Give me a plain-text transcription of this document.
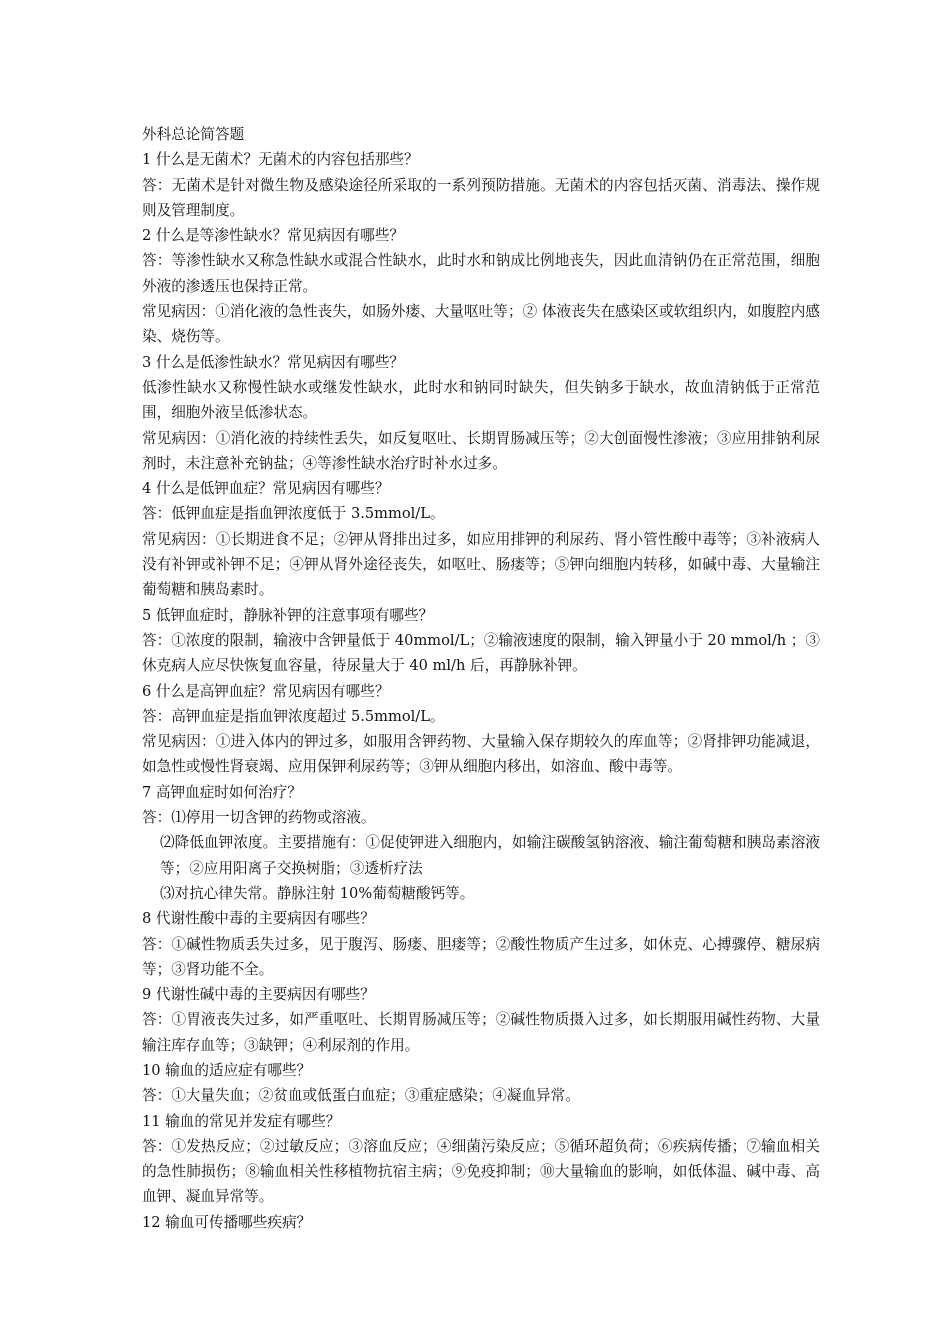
外科总论简答题

1 什么是无菌术？无菌术的内容包括那些？

答：无菌术是针对微生物及感染途径所采取的一系列预防措施。无菌术的内容包括灭菌、消毒法、操作规则及管理制度。

2 什么是等渗性缺水？常见病因有哪些？

答：等渗性缺水又称急性缺水或混合性缺水，此时水和钠成比例地丧失，因此血清钠仍在正常范围，细胞外液的渗透压也保持正常。

常见病因：①消化液的急性丧失，如肠外瘘、大量呕吐等；② 体液丧失在感染区或软组织内，如腹腔内感染、烧伤等。

3 什么是低渗性缺水？常见病因有哪些？

低渗性缺水又称慢性缺水或继发性缺水，此时水和钠同时缺失，但失钠多于缺水，故血清钠低于正常范围，细胞外液呈低渗状态。

常见病因：①消化液的持续性丢失，如反复呕吐、长期胃肠减压等；②大创面慢性渗液；③应用排钠利尿剂时，未注意补充钠盐；④等渗性缺水治疗时补水过多。

4 什么是低钾血症？常见病因有哪些？

答：低钾血症是指血钾浓度低于 3.5mmol/L。

常见病因：①长期进食不足；②钾从肾排出过多，如应用排钾的利尿药、肾小管性酸中毒等；③补液病人没有补钾或补钾不足；④钾从肾外途径丧失，如呕吐、肠瘘等；⑤钾向细胞内转移，如碱中毒、大量输注葡萄糖和胰岛素时。

5 低钾血症时，静脉补钾的注意事项有哪些？

答：①浓度的限制，输液中含钾量低于 40mmol/L；②输液速度的限制，输入钾量小于 20 mmol/h ；③休克病人应尽快恢复血容量，待尿量大于 40 ml/h 后，再静脉补钾。

6 什么是高钾血症？常见病因有哪些？

答：高钾血症是指血钾浓度超过 5.5mmol/L。

常见病因：①进入体内的钾过多，如服用含钾药物、大量输入保存期较久的库血等；②肾排钾功能减退，如急性或慢性肾衰竭、应用保钾利尿药等；③钾从细胞内移出，如溶血、酸中毒等。

7 高钾血症时如何治疗？

答：⑴停用一切含钾的药物或溶液。

⑵降低血钾浓度。主要措施有：①促使钾进入细胞内，如输注碳酸氢钠溶液、输注葡萄糖和胰岛素溶液等；②应用阳离子交换树脂；③透析疗法

⑶对抗心律失常。静脉注射 10%葡萄糖酸钙等。

8 代谢性酸中毒的主要病因有哪些？

答：①碱性物质丢失过多，见于腹泻、肠瘘、胆瘘等；②酸性物质产生过多，如休克、心搏骤停、糖尿病等；③肾功能不全。

9 代谢性碱中毒的主要病因有哪些？

答：①胃液丧失过多，如严重呕吐、长期胃肠减压等；②碱性物质摄入过多，如长期服用碱性药物、大量输注库存血等；③缺钾；④利尿剂的作用。

10 输血的适应症有哪些？

答：①大量失血；②贫血或低蛋白血症；③重症感染；④凝血异常。

11 输血的常见并发症有哪些？

答：①发热反应；②过敏反应；③溶血反应；④细菌污染反应；⑤循环超负荷；⑥疾病传播；⑦输血相关的急性肺损伤；⑧输血相关性移植物抗宿主病；⑨免疫抑制；⑩大量输血的影响，如低体温、碱中毒、高血钾、凝血异常等。

12 输血可传播哪些疾病？
